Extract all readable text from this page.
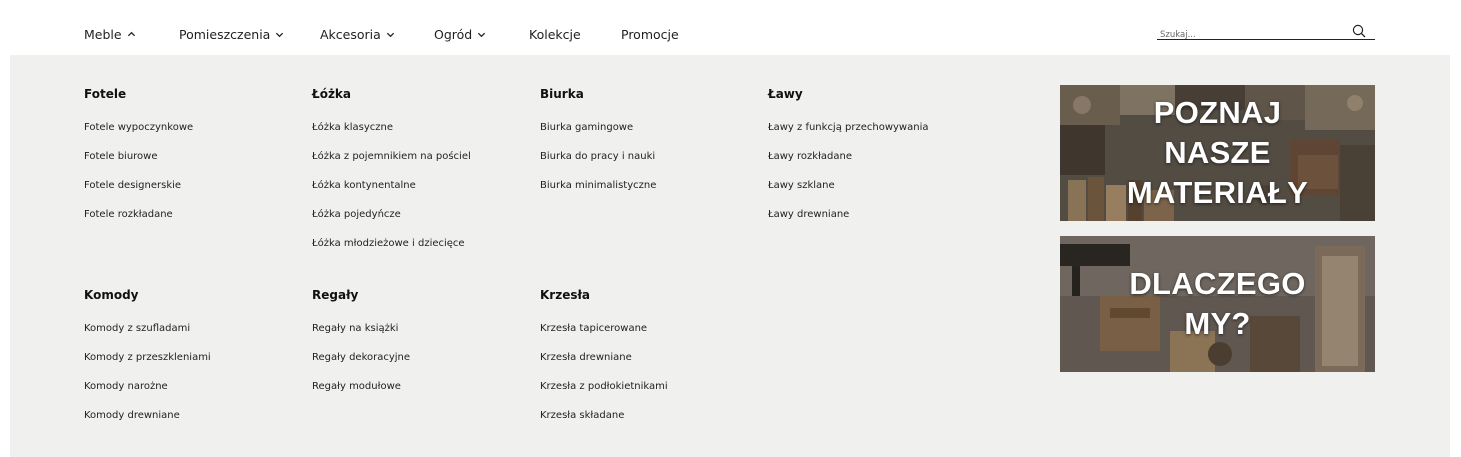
Meble	Pomieszczenia	Akcesoria	Ogród	Kolekcje	Promocje
Szukaj...
Fotele
Fotele wypoczynkowe
Fotele biurowe
Fotele designerskie
Fotele rozkładane
Łóżka
Łóżka klasyczne
Łóżka z pojemnikiem na pościel
Łóżka kontynentalne
Łóżka pojedyńcze
Łóżka młodzieżowe i dziecięce
Biurka
Biurka gamingowe
Biurka do pracy i nauki
Biurka minimalistyczne
Ławy
Ławy z funkcją przechowywania
Ławy rozkładane
Ławy szklane
Ławy drewniane
Komody
Komody z szufladami
Komody z przeszkleniami
Komody narożne
Komody drewniane
Regały
Regały na książki
Regały dekoracyjne
Regały modułowe
Krzesła
Krzesła tapicerowane
Krzesła drewniane
Krzesła z podłokietnikami
Krzesła składane
POZNAJ
NASZE
MATERIAŁY
DLACZEGO
MY?
